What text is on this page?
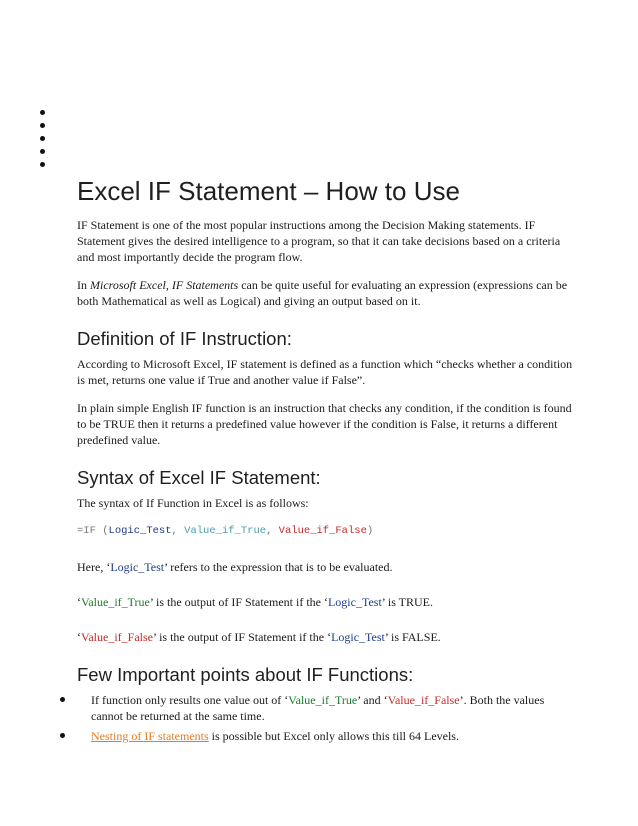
Excel IF Statement – How to Use

IF Statement is one of the most popular instructions among the Decision Making statements. IF Statement gives the desired intelligence to a program, so that it can take decisions based on a criteria and most importantly decide the program flow.

In Microsoft Excel, IF Statements can be quite useful for evaluating an expression (expressions can be both Mathematical as well as Logical) and giving an output based on it.

Definition of IF Instruction:

According to Microsoft Excel, IF statement is defined as a function which “checks whether a condition is met, returns one value if True and another value if False”.

In plain simple English IF function is an instruction that checks any condition, if the condition is found to be TRUE then it returns a predefined value however if the condition is False, it returns a different predefined value.

Syntax of Excel IF Statement:

The syntax of If Function in Excel is as follows:

=IF (Logic_Test, Value_if_True, Value_if_False)

Here, ‘Logic_Test’ refers to the expression that is to be evaluated.

‘Value_if_True’ is the output of IF Statement if the ‘Logic_Test’ is TRUE.

‘Value_if_False’ is the output of IF Statement if the ‘Logic_Test’ is FALSE.

Few Important points about IF Functions:
If function only results one value out of ‘Value_if_True’ and ‘Value_if_False’. Both the values cannot be returned at the same time.
Nesting of IF statements is possible but Excel only allows this till 64 Levels.
